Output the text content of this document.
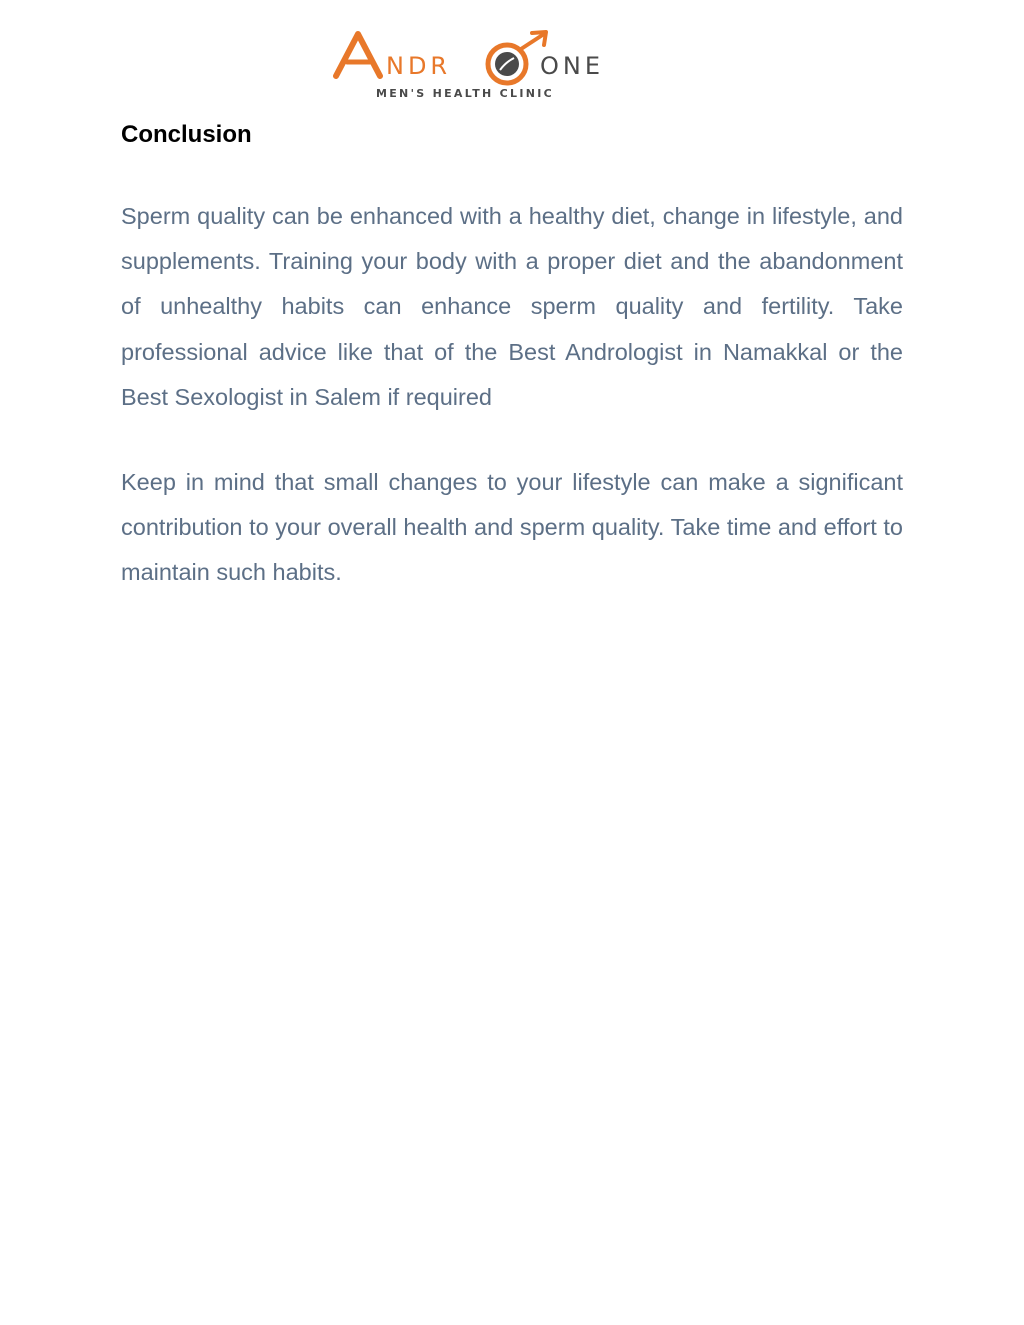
NDR	ONE
MEN'S HEALTH CLINIC
Conclusion

Sperm quality can be enhanced with a healthy diet, change in lifestyle, and supplements. Training your body with a proper diet and the abandonment of unhealthy habits can enhance sperm quality and fertility. Take professional advice like that of the Best Andrologist in Namakkal or the Best Sexologist in Salem if required

Keep in mind that small changes to your lifestyle can make a significant contribution to your overall health and sperm quality. Take time and effort to maintain such habits.
